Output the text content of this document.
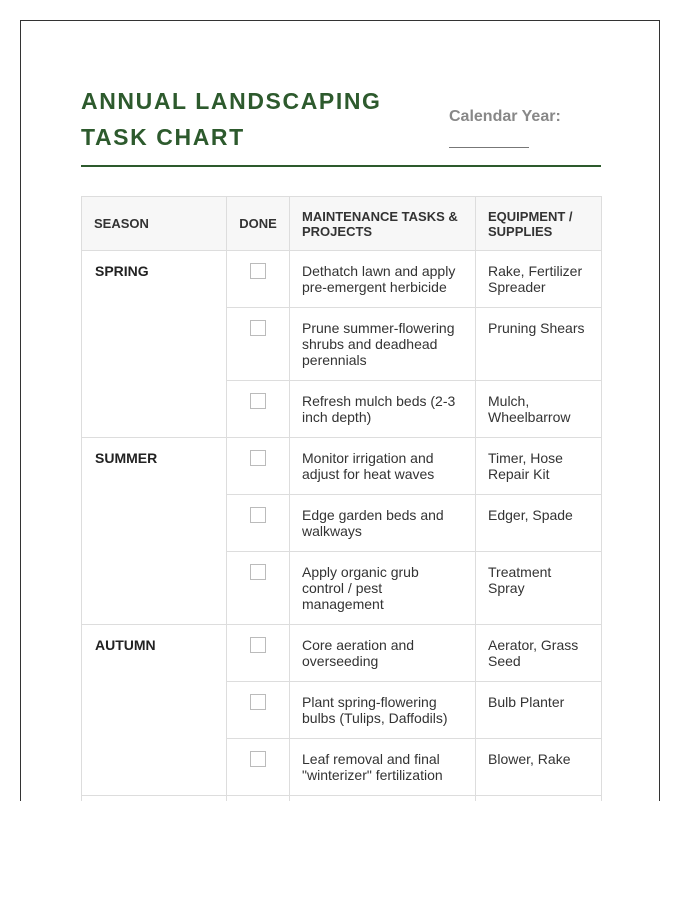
ANNUAL LANDSCAPING TASK CHART
Calendar Year:
SEASON	DONE	MAINTENANCE TASKS & PROJECTS	EQUIPMENT / SUPPLIES
SPRING		Dethatch lawn and apply pre-emergent herbicide	Rake, Fertilizer Spreader
		Prune summer-flowering shrubs and deadhead perennials	Pruning Shears
		Refresh mulch beds (2-3 inch depth)	Mulch, Wheelbarrow
SUMMER		Monitor irrigation and adjust for heat waves	Timer, Hose Repair Kit
		Edge garden beds and walkways	Edger, Spade
		Apply organic grub control / pest management	Treatment Spray
AUTUMN		Core aeration and overseeding	Aerator, Grass Seed
		Plant spring-flowering bulbs (Tulips, Daffodils)	Bulb Planter
		Leaf removal and final "winterizer" fertilization	Blower, Rake
